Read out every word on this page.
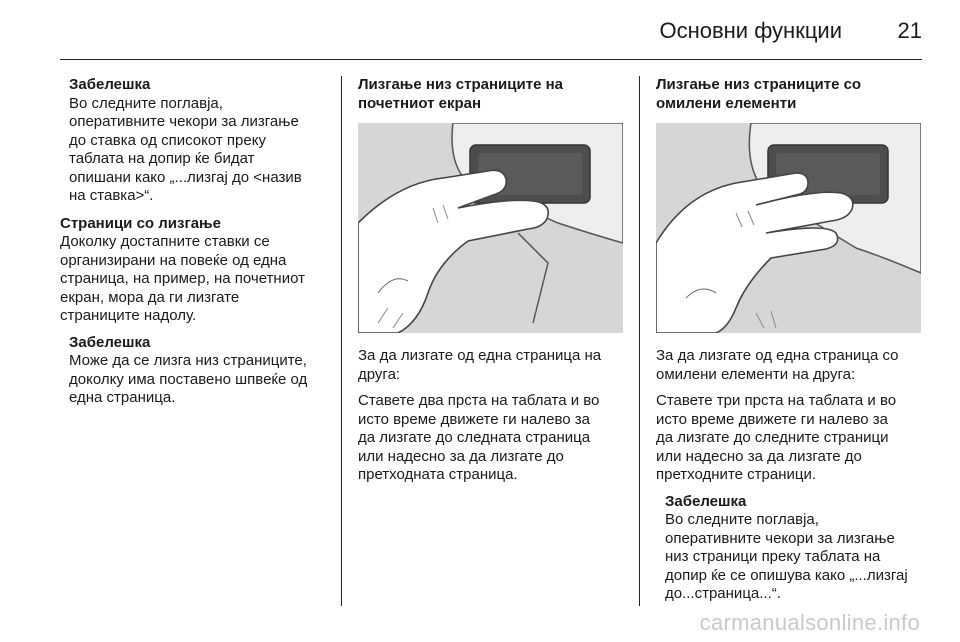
Основни функции	21
Забелешка
Во следните поглавја,
оперативните чекори за лизгање
до ставка од списокот преку
таблата на допир ќе бидат
опишани како „...лизгај до <назив
на ставка>“.
Страници со лизгање
Доколку достапните ставки се
организирани на повеќе од една
страница, на пример, на почетниот
екран, мора да ги лизгате
страниците надолу.
Забелешка
Може да се лизга низ страниците,
доколку има поставено шпвеќе од
една страница.
Лизгање низ страниците на
почетниот екран

За да лизгате од една страница на
друга:

Ставете два прста на таблата и во
исто време движете ги налево за
да лизгате до следната страница
или надесно за да лизгате до
претходната страница.

Лизгање низ страниците со
омилени елементи

За да лизгате од една страница со
омилени елементи на друга:

Ставете три прста на таблата и во
исто време движете ги налево за
да лизгате до следните страници
или надесно за да лизгате до
претходните страници.

Забелешка
Во следните поглавја,
оперативните чекори за лизгање
низ страници преку таблата на
допир ќе се опишува како „...лизгај
до...страница...“.
carmanualsonline.info
